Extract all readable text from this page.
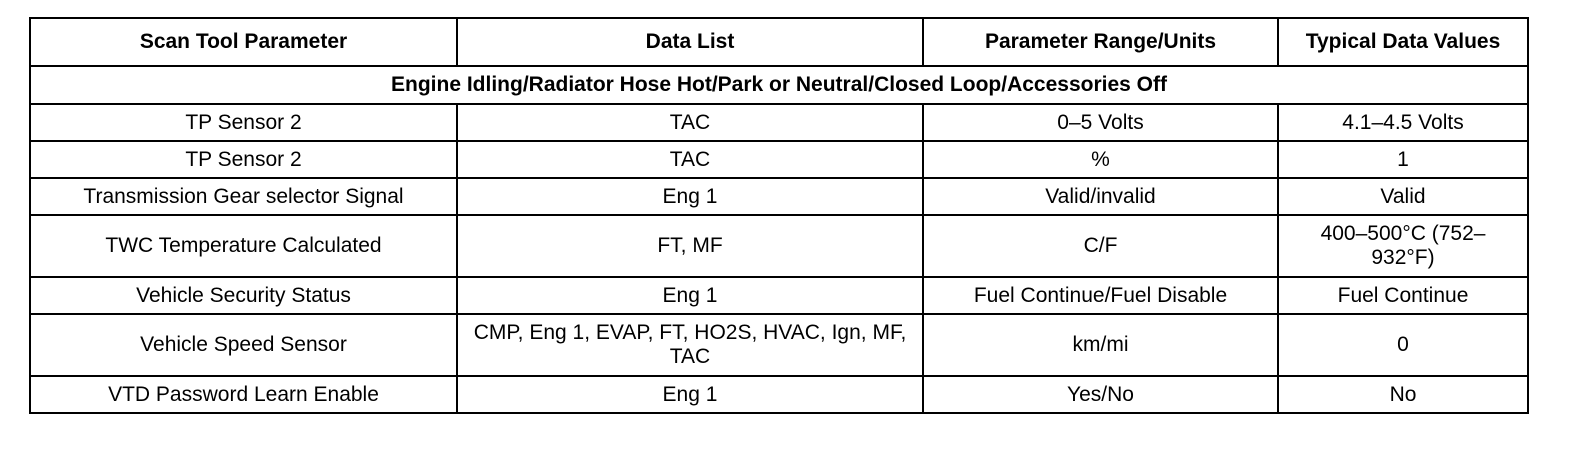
Scan Tool Parameter	Data List	Parameter Range/Units	Typical Data Values
Engine Idling/Radiator Hose Hot/Park or Neutral/Closed Loop/Accessories Off			
TP Sensor 2	TAC	0–5 Volts	4.1–4.5 Volts
TP Sensor 2	TAC	%	1
Transmission Gear selector Signal	Eng 1	Valid/invalid	Valid
TWC Temperature Calculated	FT, MF	C/F	400–500°C (752–932°F)
Vehicle Security Status	Eng 1	Fuel Continue/Fuel Disable	Fuel Continue
Vehicle Speed Sensor	CMP, Eng 1, EVAP, FT, HO2S, HVAC, Ign, MF, TAC	km/mi	0
VTD Password Learn Enable	Eng 1	Yes/No	No
